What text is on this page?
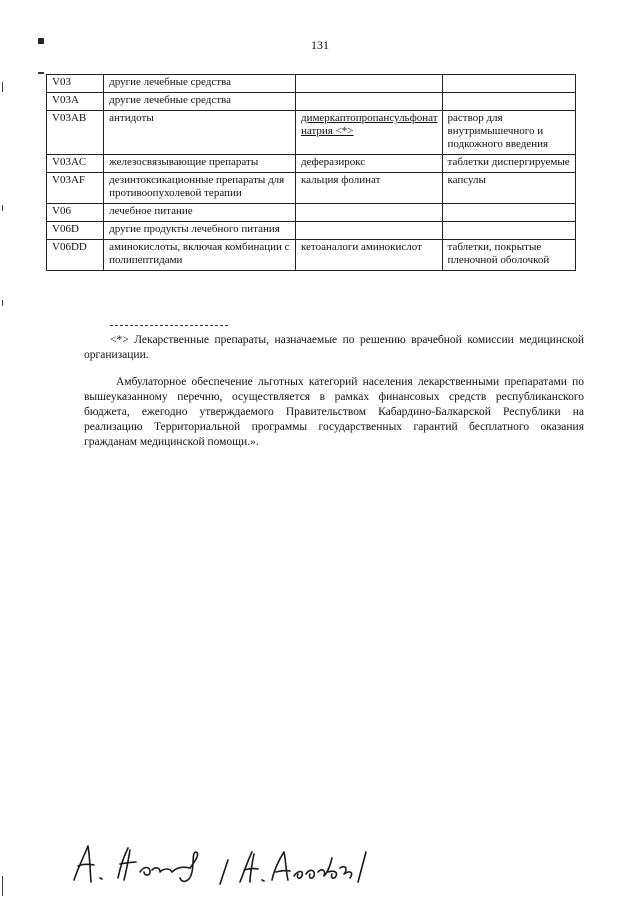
131
V03	другие лечебные средства		
V03A	другие лечебные средства		
V03AB	антидоты	димеркаптопропансульфонат натрия <*>	раствор для внутримышечного и подкожного введения
V03AC	железосвязывающие препараты	деферазирокс	таблетки диспергируемые
V03AF	дезинтоксикационные препараты для противоопухолевой терапии	кальция фолинат	капсулы
V06	лечебное питание		
V06D	другие продукты лечебного питания		
V06DD	аминокислоты, включая комбинации с полипептидами	кетоаналоги аминокислот	таблетки, покрытые пленочной оболочкой
<*> Лекарственные препараты, назначаемые по решению врачебной комиссии медицинской организации.
Амбулаторное обеспечение льготных категорий населения лекарственными препаратами по вышеуказанному перечню, осуществляется в рамках финансовых средств республиканского бюджета, ежегодно утверждаемого Правительством Кабардино-Балкарской Республики на реализацию Территориальной программы государственных гарантий бесплатного оказания гражданам медицинской помощи.».
